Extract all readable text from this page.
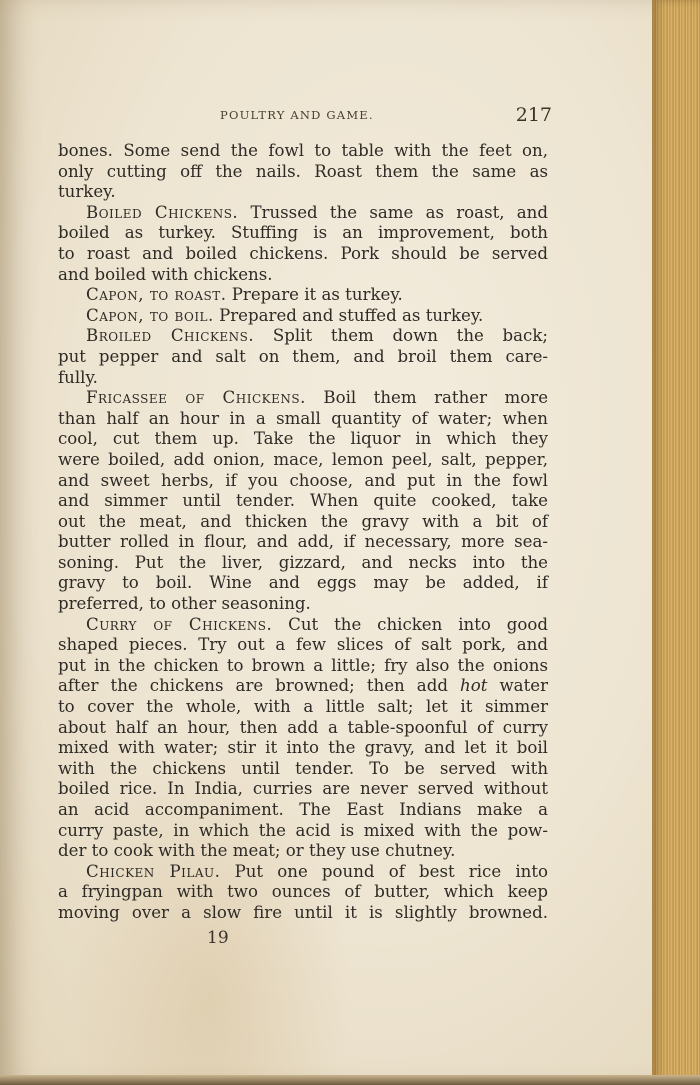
POULTRY AND GAME.	217
bones. Some send the fowl to table with the feet on,
only cutting off the nails. Roast them the same as
turkey.
Boiled Chickens. Trussed the same as roast, and
boiled as turkey. Stuffing is an improvement, both
to roast and boiled chickens. Pork should be served
and boiled with chickens.
Capon, to roast. Prepare it as turkey.
Capon, to boil. Prepared and stuffed as turkey.
Broiled Chickens. Split them down the back;
put pepper and salt on them, and broil them care-
fully.
Fricassee of Chickens. Boil them rather more
than half an hour in a small quantity of water; when
cool, cut them up. Take the liquor in which they
were boiled, add onion, mace, lemon peel, salt, pepper,
and sweet herbs, if you choose, and put in the fowl
and simmer until tender. When quite cooked, take
out the meat, and thicken the gravy with a bit of
butter rolled in flour, and add, if necessary, more sea-
soning. Put the liver, gizzard, and necks into the
gravy to boil. Wine and eggs may be added, if
preferred, to other seasoning.
Curry of Chickens. Cut the chicken into good
shaped pieces. Try out a few slices of salt pork, and
put in the chicken to brown a little; fry also the onions
after the chickens are browned; then add hot water
to cover the whole, with a little salt; let it simmer
about half an hour, then add a table-spoonful of curry
mixed with water; stir it into the gravy, and let it boil
with the chickens until tender. To be served with
boiled rice. In India, curries are never served without
an acid accompaniment. The East Indians make a
curry paste, in which the acid is mixed with the pow-
der to cook with the meat; or they use chutney.
Chicken Pilau. Put one pound of best rice into
a fryingpan with two ounces of butter, which keep
moving over a slow fire until it is slightly browned.
19
